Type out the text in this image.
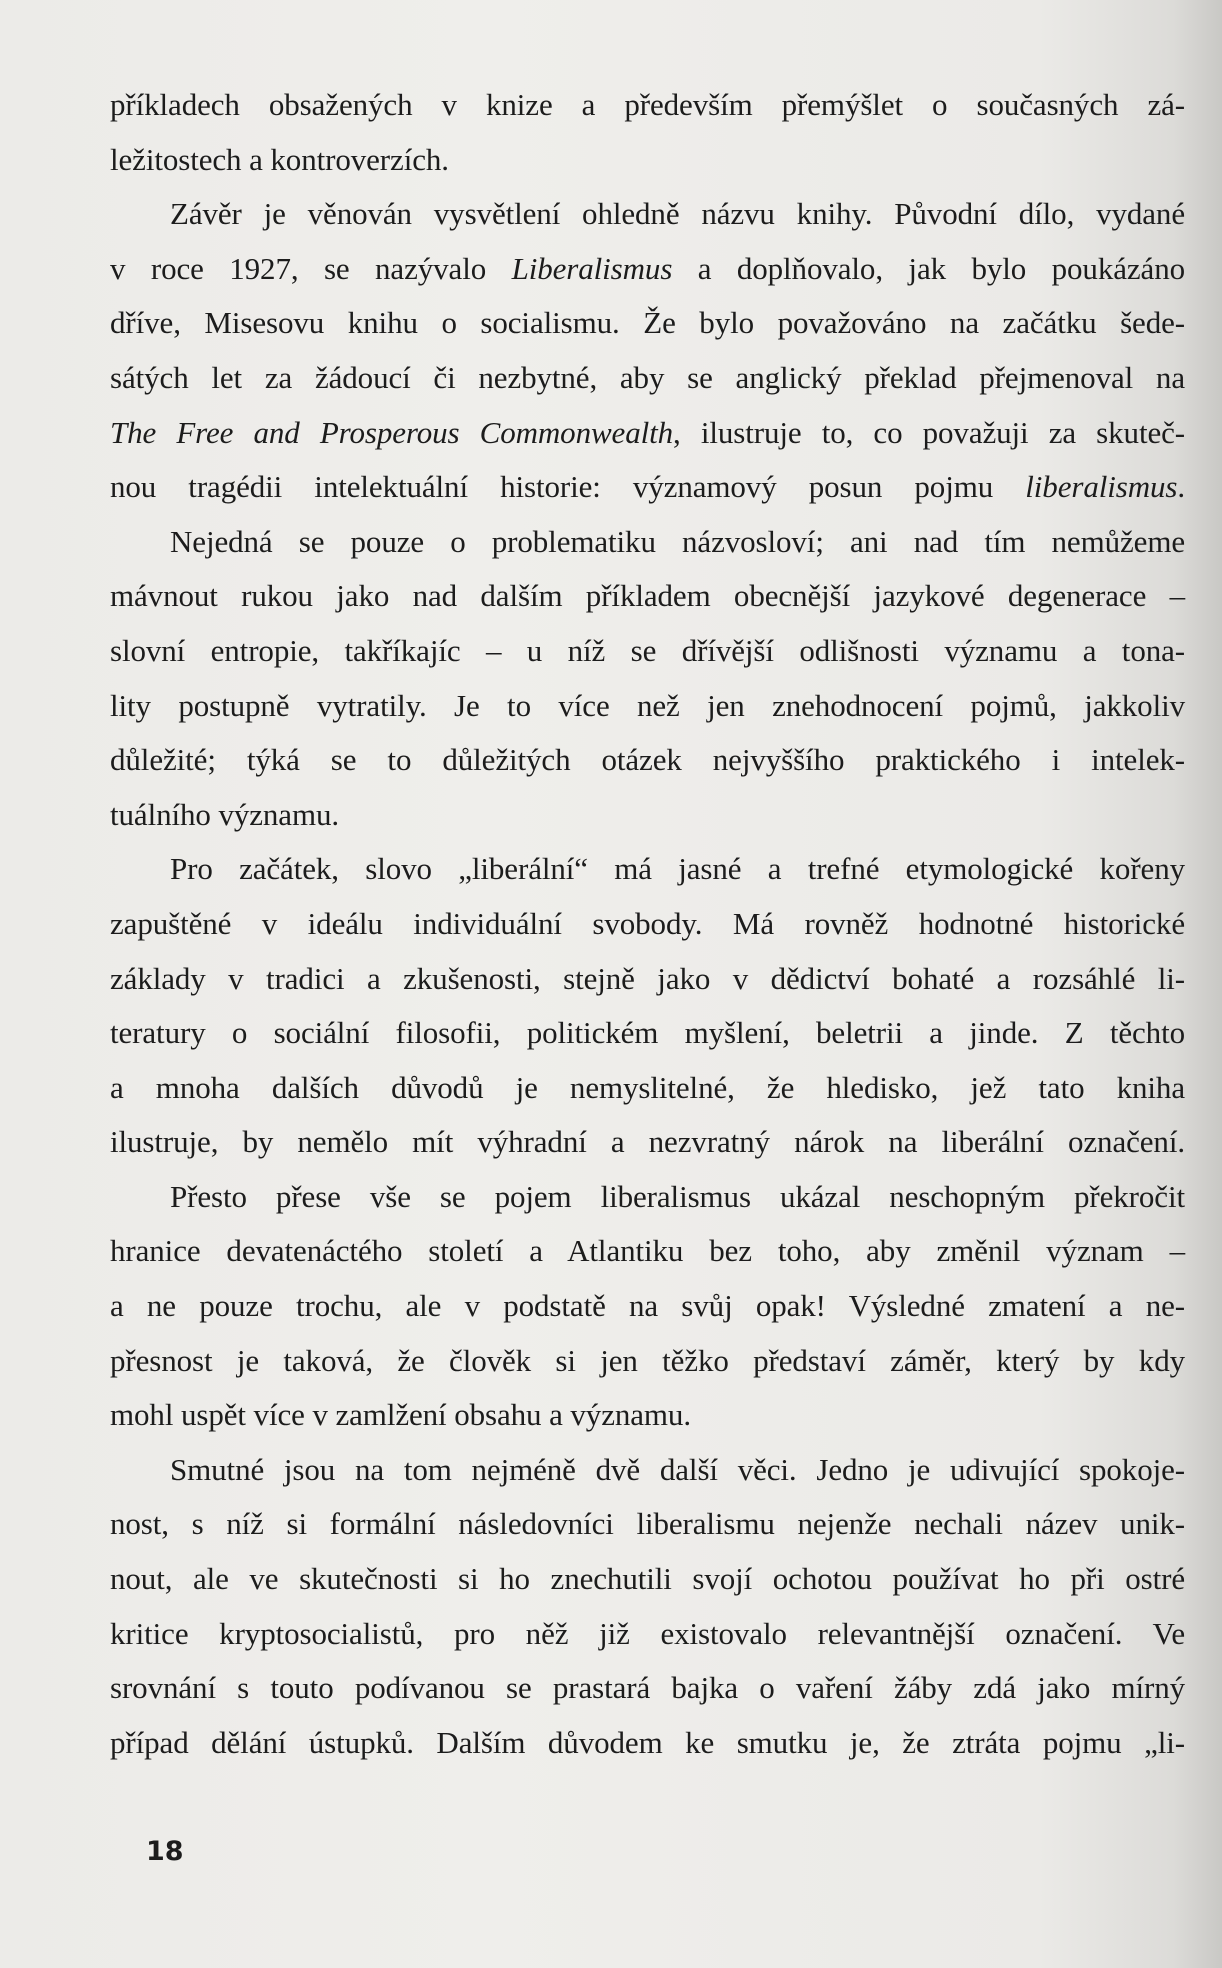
příkladech obsažených v knize a především přemýšlet o současných zá-
ležitostech a kontroverzích.
Závěr je věnován vysvětlení ohledně názvu knihy. Původní dílo, vydané
v roce 1927, se nazývalo Liberalismus a doplňovalo, jak bylo poukázáno
dříve, Misesovu knihu o socialismu. Že bylo považováno na začátku šede-
sátých let za žádoucí či nezbytné, aby se anglický překlad přejmenoval na
The Free and Prosperous Commonwealth, ilustruje to, co považuji za skuteč-
nou tragédii intelektuální historie: významový posun pojmu liberalismus.
Nejedná se pouze o problematiku názvosloví; ani nad tím nemůžeme
mávnout rukou jako nad dalším příkladem obecnější jazykové degenerace –
slovní entropie, takříkajíc – u níž se dřívější odlišnosti významu a tona-
lity postupně vytratily. Je to více než jen znehodnocení pojmů, jakkoliv
důležité; týká se to důležitých otázek nejvyššího praktického i intelek-
tuálního významu.
Pro začátek, slovo „liberální“ má jasné a trefné etymologické kořeny
zapuštěné v ideálu individuální svobody. Má rovněž hodnotné historické
základy v tradici a zkušenosti, stejně jako v dědictví bohaté a rozsáhlé li-
teratury o sociální filosofii, politickém myšlení, beletrii a jinde. Z těchto
a mnoha dalších důvodů je nemyslitelné, že hledisko, jež tato kniha
ilustruje, by nemělo mít výhradní a nezvratný nárok na liberální označení.
Přesto přese vše se pojem liberalismus ukázal neschopným překročit
hranice devatenáctého století a Atlantiku bez toho, aby změnil význam –
a ne pouze trochu, ale v podstatě na svůj opak! Výsledné zmatení a ne-
přesnost je taková, že člověk si jen těžko představí záměr, který by kdy
mohl uspět více v zamlžení obsahu a významu.
Smutné jsou na tom nejméně dvě další věci. Jedno je udivující spokoje-
nost, s níž si formální následovníci liberalismu nejenže nechali název unik-
nout, ale ve skutečnosti si ho znechutili svojí ochotou používat ho při ostré
kritice kryptosocialistů, pro něž již existovalo relevantnější označení. Ve
srovnání s touto podívanou se prastará bajka o vaření žáby zdá jako mírný
případ dělání ústupků. Dalším důvodem ke smutku je, že ztráta pojmu „li-
18
